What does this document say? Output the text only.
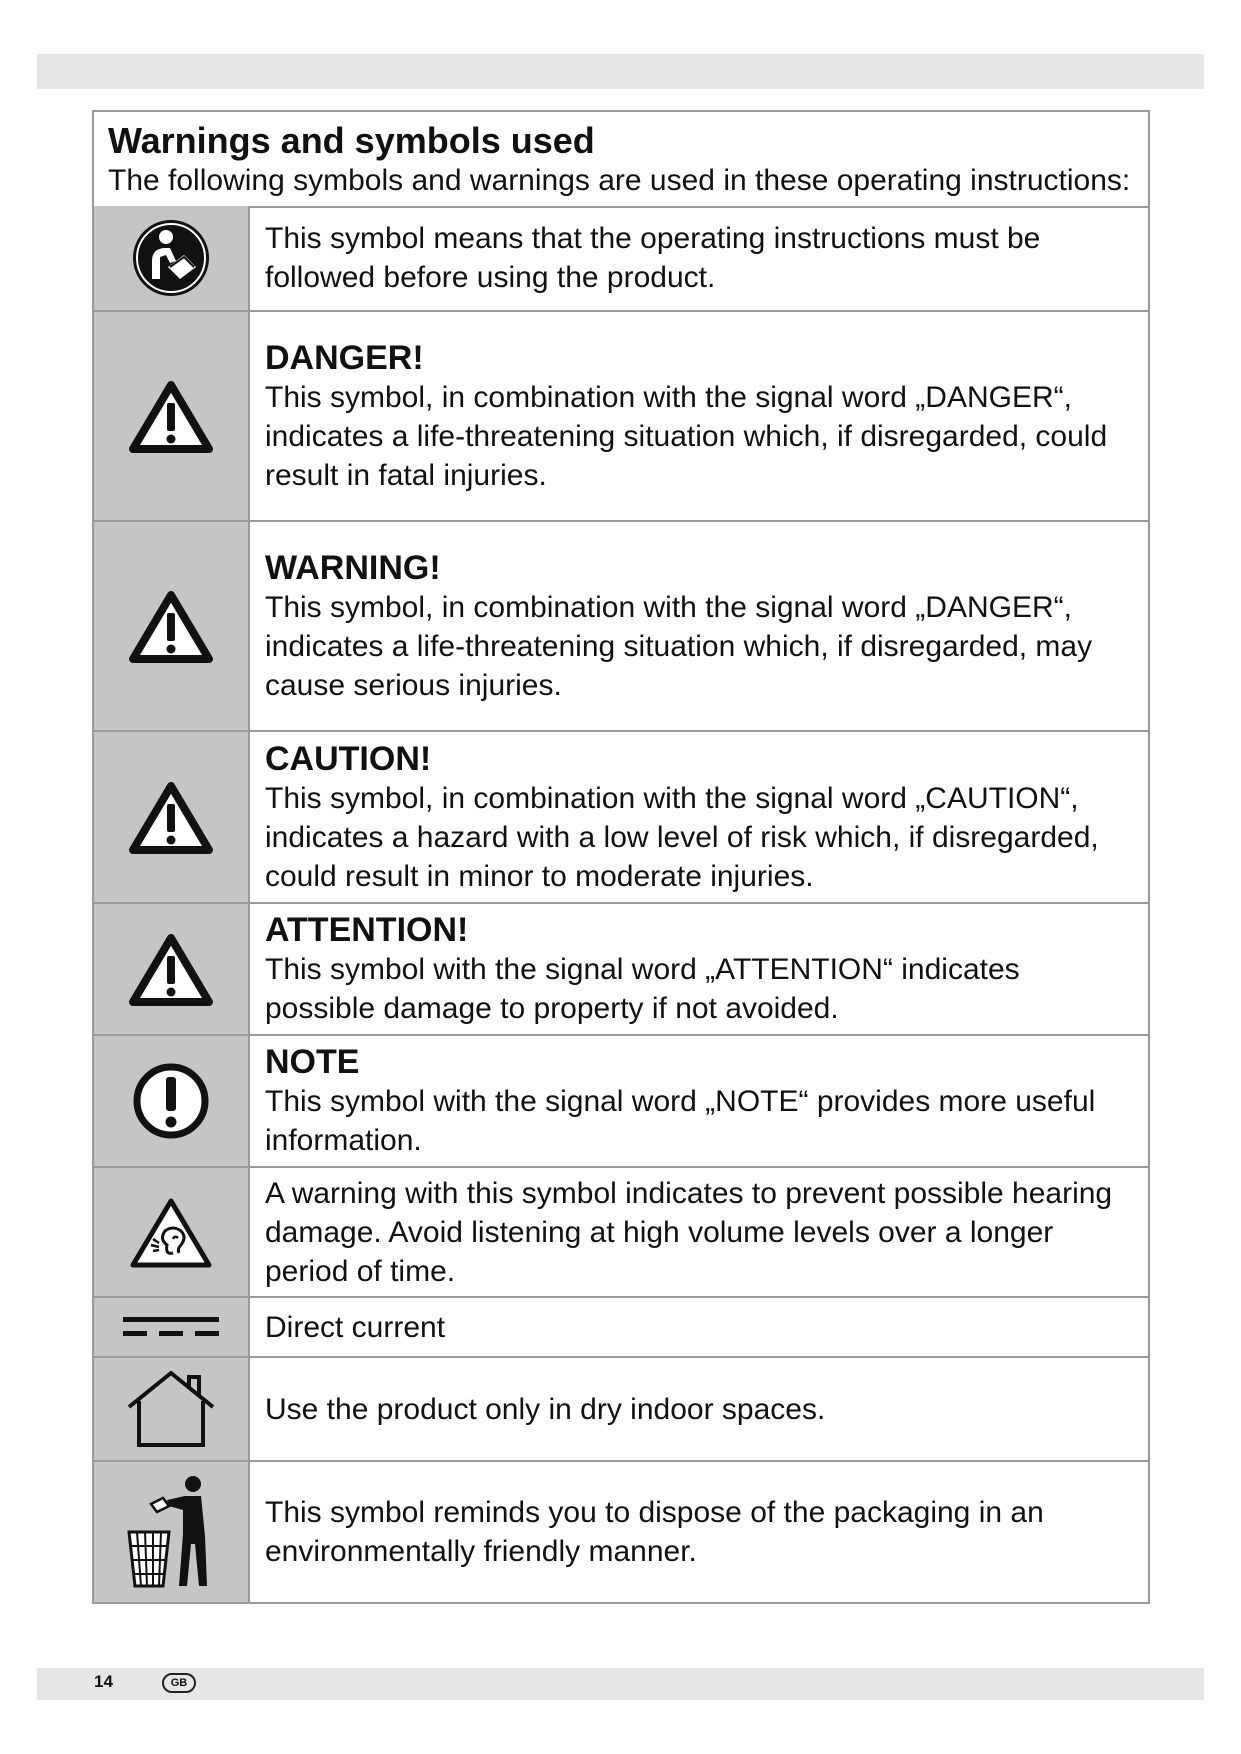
Warnings and symbols used
The following symbols and warnings are used in these operating instructions:
This symbol means that the operating instructions must be
followed before using the product.
DANGER!
This symbol, in combination with the signal word „DANGER“,
indicates a life-threatening situation which, if disregarded, could
result in fatal injuries.
WARNING!
This symbol, in combination with the signal word „DANGER“,
indicates a life-threatening situation which, if disregarded, may
cause serious injuries.
CAUTION!
This symbol, in combination with the signal word „CAUTION“,
indicates a hazard with a low level of risk which, if disregarded,
could result in minor to moderate injuries.
ATTENTION!
This symbol with the signal word „ATTENTION“ indicates
possible damage to property if not avoided.
NOTE
This symbol with the signal word „NOTE“ provides more useful
information.
A warning with this symbol indicates to prevent possible hearing
damage. Avoid listening at high volume levels over a longer
period of time.
Direct current
Use the product only in dry indoor spaces.
This symbol reminds you to dispose of the packaging in an
environmentally friendly manner.
14	GB
